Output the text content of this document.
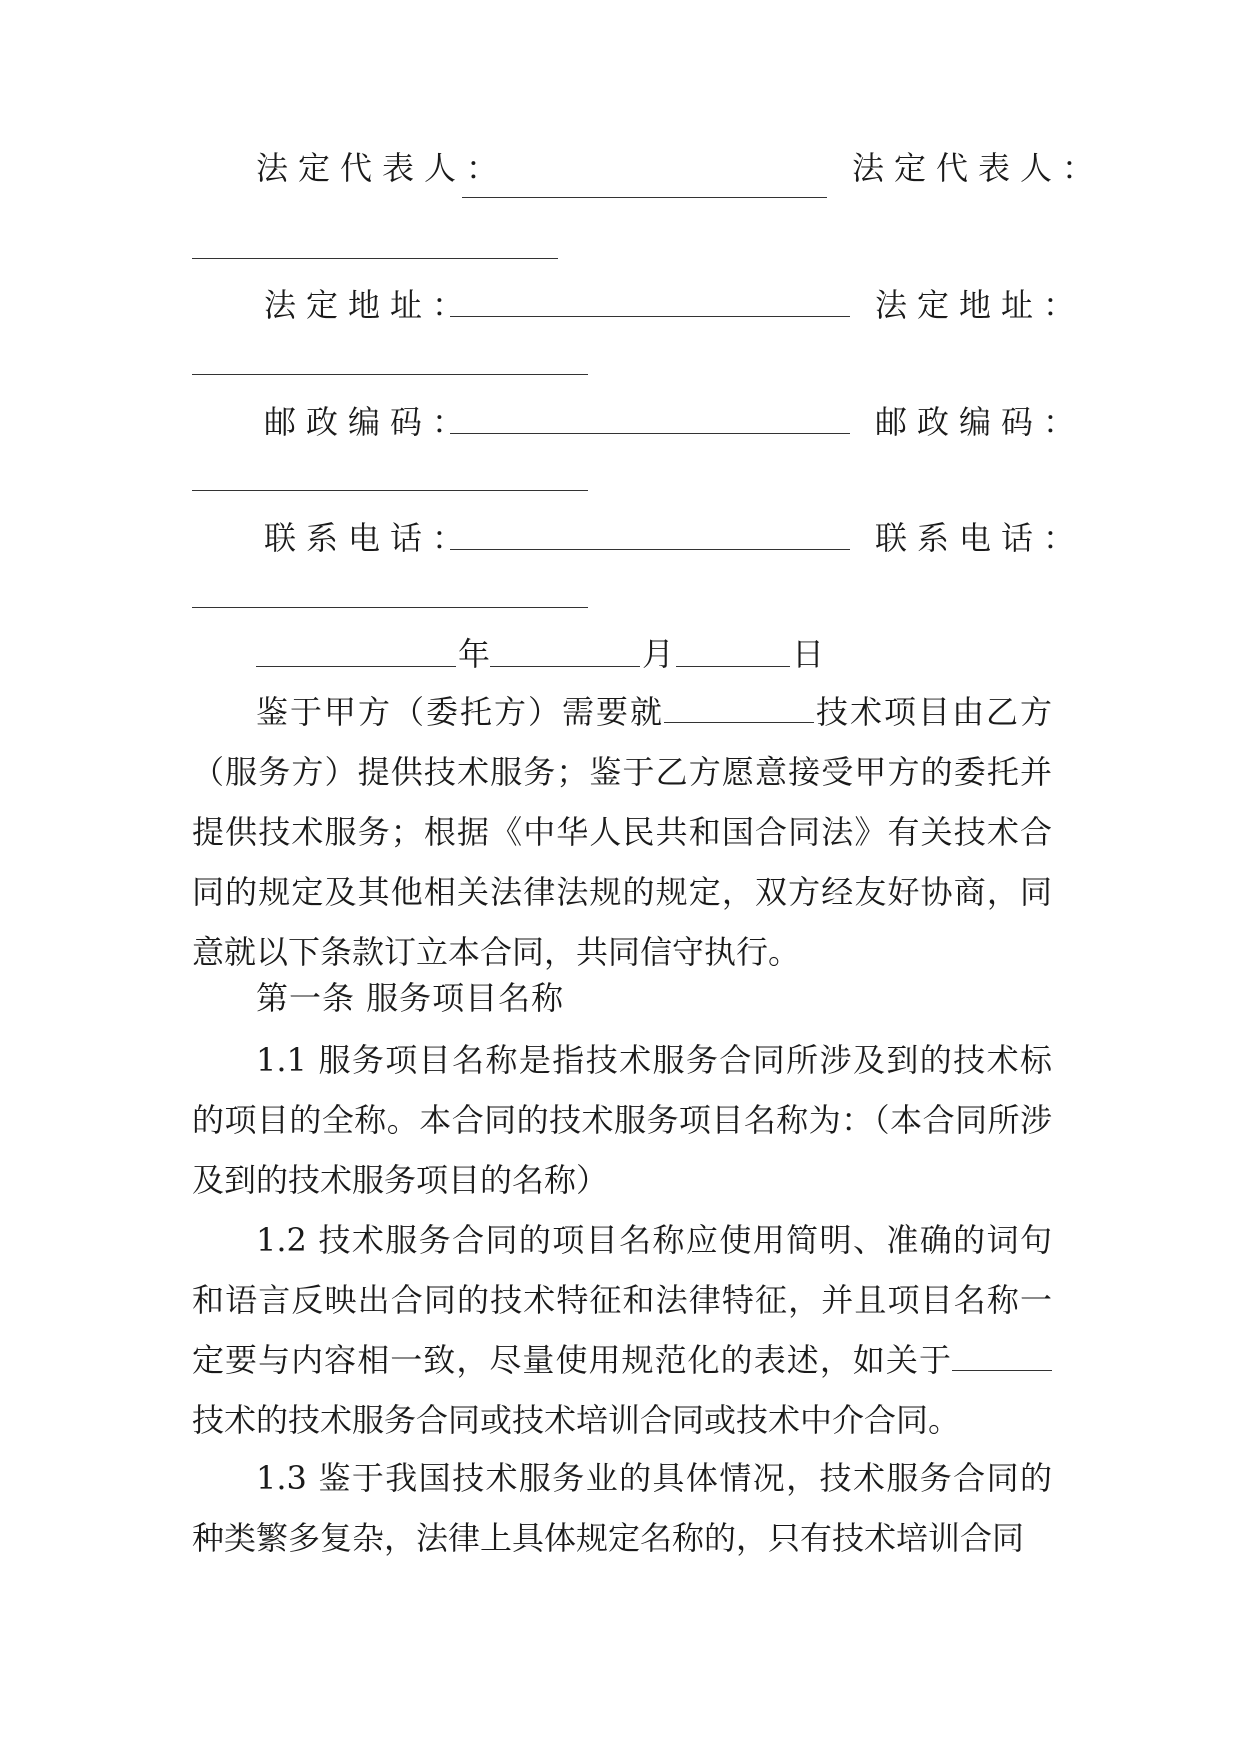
法定代表人：	法定代表人：
法定地址：	法定地址：
邮政编码：	邮政编码：
联系电话：	联系电话：
年	月	日
鉴于甲方（委托方）需要就	技术项目由乙方（服务方）提供技术服务；鉴于乙方愿意接受甲方的委托并提供技术服务；根据《中华人民共和国合同法》有关技术合同的规定及其他相关法律法规的规定，双方经友好协商，同意就以下条款订立本合同，共同信守执行。
第一条 服务项目名称
1.1 服务项目名称是指技术服务合同所涉及到的技术标的项目的全称。本合同的技术服务项目名称为：（本合同所涉及到的技术服务项目的名称）
1.2 技术服务合同的项目名称应使用简明、准确的词句和语言反映出合同的技术特征和法律特征，并且项目名称一定要与内容相一致，尽量使用规范化的表述，如关于技术的技术服务合同或技术培训合同或技术中介合同。
1.3 鉴于我国技术服务业的具体情况，技术服务合同的种类繁多复杂，法律上具体规定名称的，只有技术培训合同
